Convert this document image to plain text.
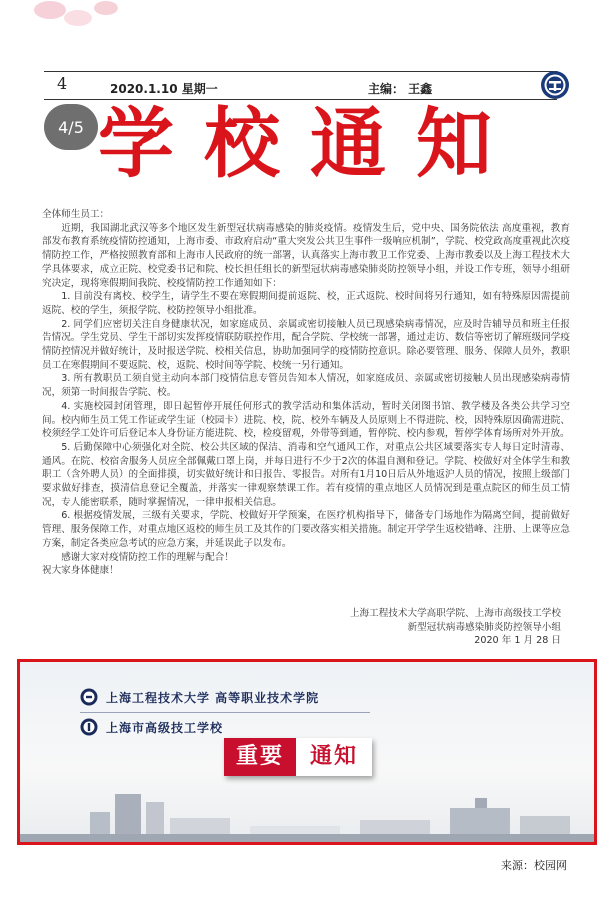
4	2020.1.10 星期一	主编： 王鑫
学校通知
4/5

全体师生员工：

近期，我国湖北武汉等多个地区发生新型冠状病毒感染的肺炎疫情。疫情发生后，党中央、国务院依法 高度重视，教育部发布教育系统疫情防控通知，上海市委、市政府启动“重大突发公共卫生事件一级响应机制”，学院、校党政高度重视此次疫情防控工作，严格按照教育部和上海市人民政府的统一部署，认真落实上海市教卫工作党委、上海市教委以及上海工程技术大学具体要求，成立正院、校党委书记和院、校长担任组长的新型冠状病毒感染肺炎防控领导小组，并设工作专班，领导小组研究决定，现将寒假期间我院、校疫情防控工作通知如下：

1. 目前没有离校、校学生，请学生不要在寒假期间提前返院、校，正式返院、校时间将另行通知，如有特殊原因需提前返院、校的学生，须报学院、校防控领导小组批准。

2. 同学们应密切关注自身健康状况，如家庭成员、亲属或密切接触人员已现感染病毒情况，应及时告辅导员和班主任报告情况。学生党员、学生干部切实发挥疫情联防联控作用，配合学院、学校统一部署，通过走访、数信等密切了解班级同学疫情防控情况并做好统计，及时报送学院、校相关信息，协助加强同学的疫情防控意识。除必要管理、服务、保障人员外，教职员工在寒假期间不要返院、校，返院、校时间等学院、校统一另行通知。

3. 所有教职员工须自觉主动向本部门疫情信息专管员告知本人情况，如家庭成员、亲属或密切接触人员出现感染病毒情况，须第一时间报告学院、校。

4. 实施校园封闭管理，即日起暂停开展任何形式的教学活动和集体活动，暂时关闭图书馆、教学楼及各类公共学习空间。校内师生员工凭工作证或学生证（校园卡）进院、校，院、校外车辆及人员原则上不得进院、校，因特殊原因确需进院、校须经学工处许可后登记本人身份证方能进院、校，检疫留观，外带等到通，暂停院、校内参观，暂停学体育场所对外开放。

5. 后勤保障中心须强化对全院、校公共区域的保洁、消毒和空气通风工作，对重点公共区域要落实专人每日定时清毒、通风。在院、校宿舍服务人员应全部佩戴口罩上岗，并每日进行不少于2次的体温自测和登记。学院、校做好对全体学生和教职工（含外聘人员）的全面排摸，切实做好统计和日报告、零报告。对所有1月10日后从外地返沪人员的情况，按照上级部门要求做好排查，摸清信息登记全覆盖，并落实一律观察禁课工作。若有疫情的重点地区人员情况到是重点院区的师生员工情况，专人能密联系，随时掌握情况，一律申报相关信息。

6. 根据疫情发展，三级有关要求，学院、校做好开学预案，在医疗机构指导下，储备专门场地作为隔离空间，提前做好管理、服务保障工作，对重点地区返校的师生员工及其作的门要改落实相关措施。制定开学学生返校错峰、注册、上课等应急方案，制定各类应急考试的应急方案，并延误此子以发布。

感谢大家对疫情防控工作的理解与配合！

祝大家身体健康！

上海工程技术大学高职学院、上海市高级技工学校
新型冠状病毒感染肺炎防控领导小组
2020 年 1 月 28 日
上海工程技术大学 高等职业技术学院
上海市高级技工学校
重要	通知
来源：校园网
